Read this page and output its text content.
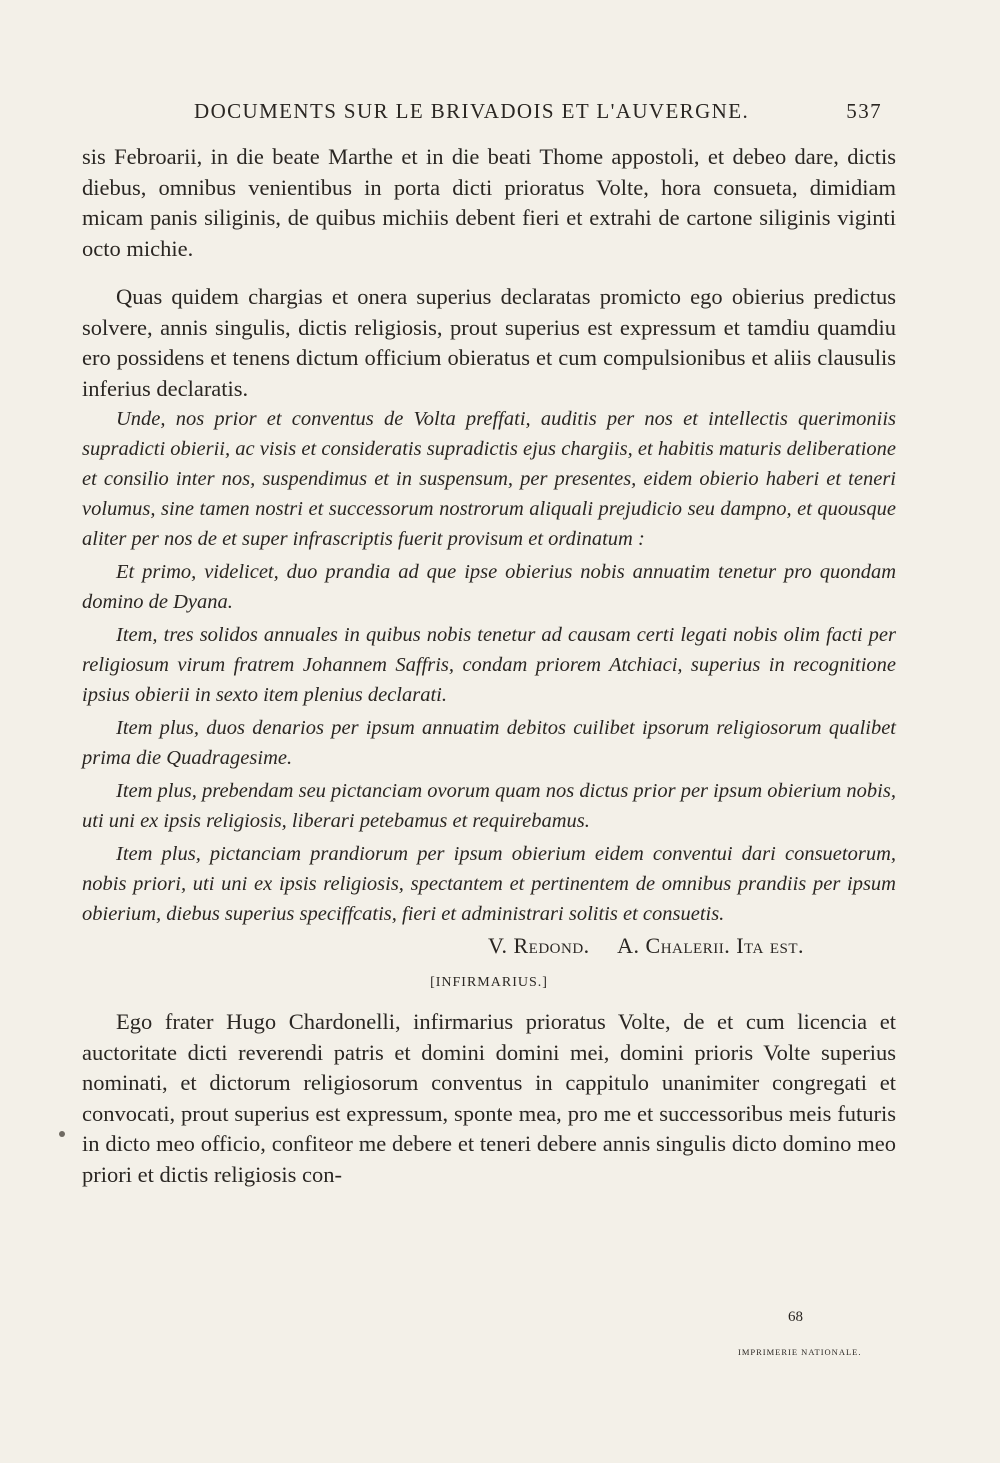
DOCUMENTS SUR LE BRIVADOIS ET L'AUVERGNE.	537

sis Febroarii, in die beate Marthe et in die beati Thome appostoli, et debeo dare, dictis diebus, omnibus venientibus in porta dicti prioratus Volte, hora consueta, dimidiam micam panis siliginis, de quibus michiis debent fieri et extrahi de cartone siliginis viginti octo michie.

Quas quidem chargias et onera superius declaratas promicto ego obierius predictus solvere, annis singulis, dictis religiosis, prout superius est expressum et tamdiu quamdiu ero possidens et tenens dictum officium obieratus et cum compulsionibus et aliis clausulis inferius declaratis.

Unde, nos prior et conventus de Volta preffati, auditis per nos et intellectis querimoniis supradicti obierii, ac visis et consideratis supradictis ejus chargiis, et habitis maturis deliberatione et consilio inter nos, suspendimus et in suspensum, per presentes, eidem obierio haberi et teneri volumus, sine tamen nostri et successorum nostrorum aliquali prejudicio seu dampno, et quousque aliter per nos de et super infrascriptis fuerit provisum et ordinatum :

Et primo, videlicet, duo prandia ad que ipse obierius nobis annuatim tenetur pro quondam domino de Dyana.

Item, tres solidos annuales in quibus nobis tenetur ad causam certi legati nobis olim facti per religiosum virum fratrem Johannem Saffris, condam priorem Atchiaci, superius in recognitione ipsius obierii in sexto item plenius declarati.

Item plus, duos denarios per ipsum annuatim debitos cuilibet ipsorum religiosorum qualibet prima die Quadragesime.

Item plus, prebendam seu pictanciam ovorum quam nos dictus prior per ipsum obierium nobis, uti uni ex ipsis religiosis, liberari petebamus et requirebamus.

Item plus, pictanciam prandiorum per ipsum obierium eidem conventui dari consuetorum, nobis priori, uti uni ex ipsis religiosis, spectantem et pertinentem de omnibus prandiis per ipsum obierium, diebus superius speciffcatis, fieri et administrari solitis et consuetis.

V. Redond. A. Chalerii. Ita est.
[INFIRMARIUS.]

Ego frater Hugo Chardonelli, infirmarius prioratus Volte, de et cum licencia et auctoritate dicti reverendi patris et domini domini mei, domini prioris Volte superius nominati, et dictorum religiosorum conventus in cappitulo unanimiter congregati et convocati, prout superius est expressum, sponte mea, pro me et successoribus meis futuris in dicto meo officio, confiteor me debere et teneri debere annis singulis dicto domino meo priori et dictis religiosis con-

68
IMPRIMERIE NATIONALE.
